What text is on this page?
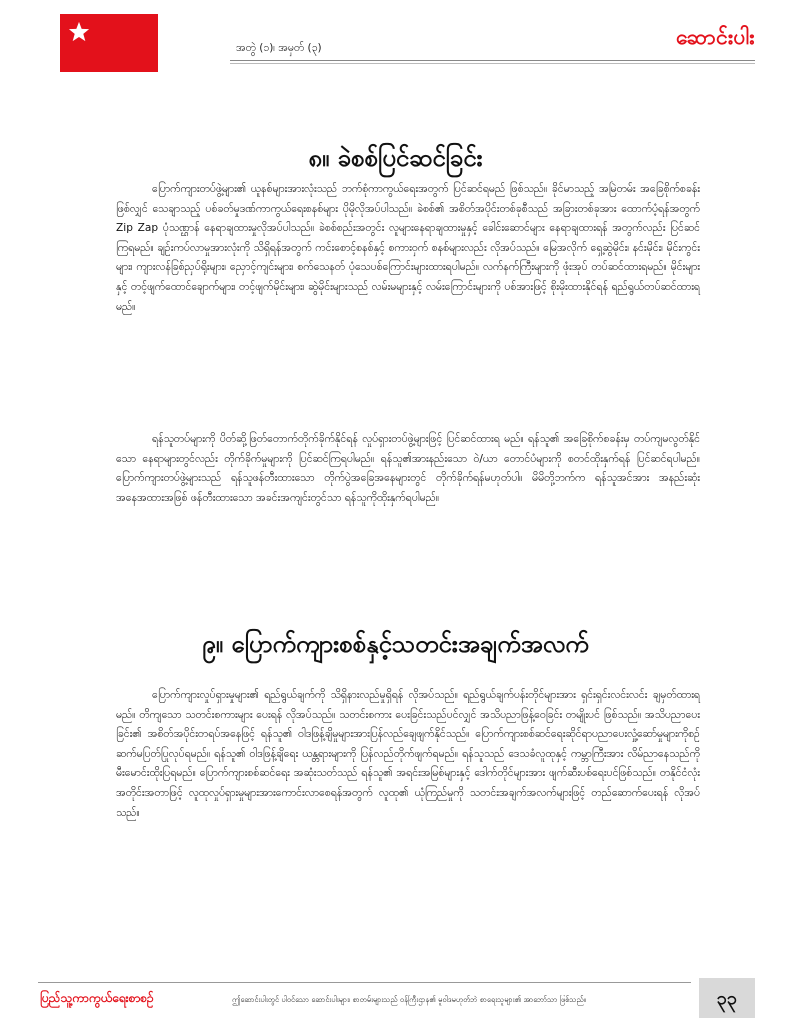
အတွဲ (၁)၊ အမှတ် (၃)	ဆောင်းပါး
၈။ ခဲစစ်ပြင်ဆင်ခြင်း

ပြောက်ကျားတပ်ဖွဲ့များ၏ ယူနစ်များအားလုံးသည် ဘက်စုံကာကွယ်ရေးအတွက် ပြင်ဆင်ရမည် ဖြစ်သည်။ ခိုင်မာသည့် အမြဲတမ်း အခြေစိုက်စခန်းဖြစ်လျှင် သေချာသည့် ပစ်ခတ်မှုဒဏ်ကာကွယ်ရေးစနစ်များ ပိုမိုလိုအပ်ပါသည်။ ခဲစစ်၏ အစိတ်အပိုင်းတစ်ခုစီသည် အခြားတစ်ခုအား ထောက်ပံ့ရန်အတွက် Zip Zap ပုံသဏ္ဌာန် နေရာချထားမှုလိုအပ်ပါသည်။ ခဲစစ်စည်းအတွင်း လူများနေရာချထားမှုနှင့် ခေါင်းဆောင်များ နေရာချထားရန် အတွက်လည်း ပြင်ဆင်ကြရမည်။ ချဉ်းကပ်လာမှုအားလုံးကို သိရှိရန်အတွက် ကင်းစောင့်စနစ်နှင့် စကားဝှက် စနစ်များလည်း လိုအပ်သည်။ မြေအလိုက် ရှေ့ဆွဲမိုင်း၊ နင်းမိုင်း၊ မိုင်းကွင်းများ၊ ကျားလန်ခြစ်ညှပ်ရိုးများ၊ ညှောင့်ကျင်းများ၊ စက်သေနတ် ပုံသေပစ်ကြောင်းများထားရပါမည်။ လက်နက်ကြီးများကို ဖုံးအုပ် တပ်ဆင်ထားရမည်။ မိုင်းများနှင့် တင့်ဖျက်ထောင်ချောက်များ၊ တင့်ဖျက်မိုင်းများ၊ ဆွဲမိုင်းများသည် လမ်းမများနှင့် လမ်းကြောင်းများကို ပစ်အားဖြင့် စိုးမိုးထားနိုင်ရန် ရည်ရွယ်တပ်ဆင်ထားရမည်။

ရန်သူတပ်များကို ပိတ်ဆို့ဖြတ်တောက်တိုက်ခိုက်နိုင်ရန် လှုပ်ရှားတပ်ဖွဲ့များဖြင့် ပြင်ဆင်ထားရ မည်။ ရန်သူ၏ အခြေစိုက်စခန်းမှ တပ်ကျမလွတ်နိုင်သော နေရာများတွင်လည်း တိုက်ခိုက်မှုများကို ပြင်ဆင်ကြရပါမည်။ ရန်သူ၏အားနည်းသော ဝဲ/ယာ တောင်ပံများကို စတင်ထိုးနှက်ရန် ပြင်ဆင်ရပါမည်။ ပြောက်ကျားတပ်ဖွဲ့များသည် ရန်သူဖန်တီးထားသော တိုက်ပွဲအခြေအနေများတွင် တိုက်ခိုက်ရန်မဟုတ်ပါ။ မိမိတို့ဘက်က ရန်သူအင်အား အနည်းဆုံးအနေအထားအဖြစ် ဖန်တီးထားသော အခင်းအကျင်းတွင်သာ ရန်သူကိုထိုးနှက်ရပါမည်။

၉။ ပြောက်ကျားစစ်နှင့်သတင်းအချက်အလက်

ပြောက်ကျားလှုပ်ရှားမှုများ၏ ရည်ရွယ်ချက်ကို သိရှိနားလည်မှုရှိရန် လိုအပ်သည်။ ရည်ရွယ်ချက်ပန်းတိုင်များအား ရှင်းရှင်းလင်းလင်း ချမှတ်ထားရမည်။ တိကျသော သတင်းစကားများ ပေးရန် လိုအပ်သည်။ သတင်းစကား ပေးခြင်းသည်ပင်လျှင် အသိပညာဖြန့်ဝေခြင်း တမျိုးပင် ဖြစ်သည်။ အသိပညာပေးခြင်း၏ အစိတ်အပိုင်းတရပ်အနေဖြင့် ရန်သူ၏ ဝါဒဖြန့်ချိမှုများအားပြန်လည်ချေဖျက်နိုင်သည်။ ပြောက်ကျားစစ်ဆင်ရေးဆိုင်ရာပညာပေးလှုံ့ဆော်မှုများကိုစဉ်ဆက်မပြတ်ပြုလုပ်ရမည်။ ရန်သူ၏ ဝါဒဖြန့်ချိရေး ယန္တရားများကို ပြန်လည်တိုက်ဖျက်ရမည်။ ရန်သူသည် ဒေသခံလူထုနှင့် ကမ္ဘာကြီးအား လိမ်ညာနေသည်ကို မီးမောင်းထိုးပြရမည်။ ပြောက်ကျားစစ်ဆင်ရေး အဆုံးသတ်သည် ရန်သူ၏ အရင်းအမြစ်များနှင့် ဒေါက်တိုင်များအား ဖျက်ဆီးပစ်ရေးပင်ဖြစ်သည်။ တနိုင်ငံလုံးအတိုင်းအတာဖြင့် လူထုလှုပ်ရှားမှုများအားကောင်းလာစေရန်အတွက် လူထု၏ ယုံကြည်မှုကို သတင်းအချက်အလက်များဖြင့် တည်ဆောက်ပေးရန် လိုအပ်သည်။

ပြည်သူ့ကာကွယ်ရေးစာစဉ်	ဤဆောင်းပါးတွင် ပါဝင်သော ဆောင်းပါးများ၊ စာတမ်းများသည် ဝန်ကြီးဌာန၏ မူဝါဒမဟုတ်ဘဲ စာရေးသူများ၏ အာဘော်သာ ဖြစ်သည်။	၃၃
